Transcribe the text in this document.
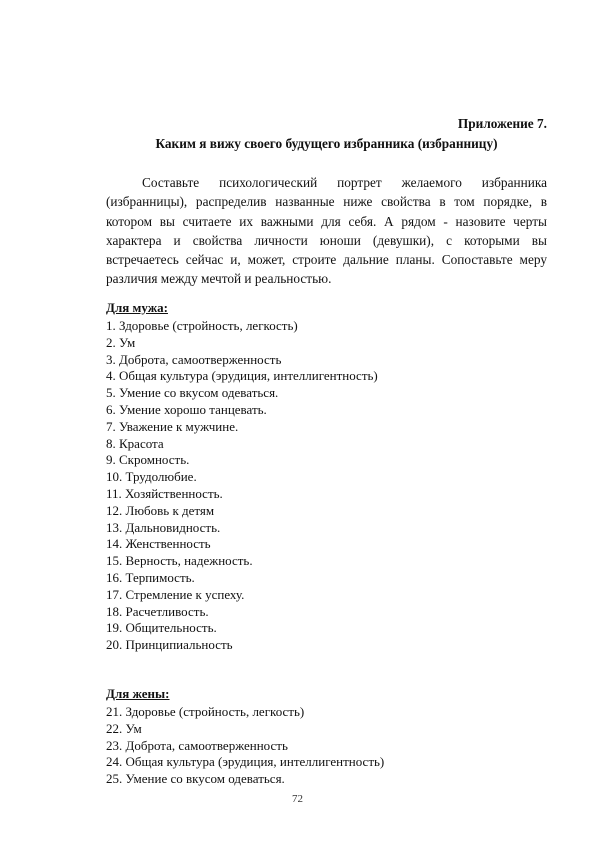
Приложение 7.
Каким я вижу своего будущего избранника (избранницу)

Составьте психологический портрет желаемого избранника (избранницы), распределив названные ниже свойства в том порядке, в котором вы считаете их важными для себя. А рядом - назовите черты характера и свойства личности юноши (девушки), с которыми вы встречаетесь сейчас и, может, строите дальние планы. Сопоставьте меру различия между мечтой и реальностью.

Для мужа:
1. Здоровье (стройность, легкость)
2. Ум
3. Доброта, самоотверженность
4. Общая культура (эрудиция, интеллигентность)
5. Умение со вкусом одеваться.
6. Умение хорошо танцевать.
7. Уважение к мужчине.
8. Красота
9. Скромность.
10. Трудолюбие.
11. Хозяйственность.
12. Любовь к детям
13. Дальновидность.
14. Женственность
15. Верность, надежность.
16. Терпимость.
17. Стремление к успеху.
18. Расчетливость.
19. Общительность.
20. Принципиальность
Для жены:
21. Здоровье (стройность, легкость)
22. Ум
23. Доброта, самоотверженность
24. Общая культура (эрудиция, интеллигентность)
25. Умение со вкусом одеваться.
72
